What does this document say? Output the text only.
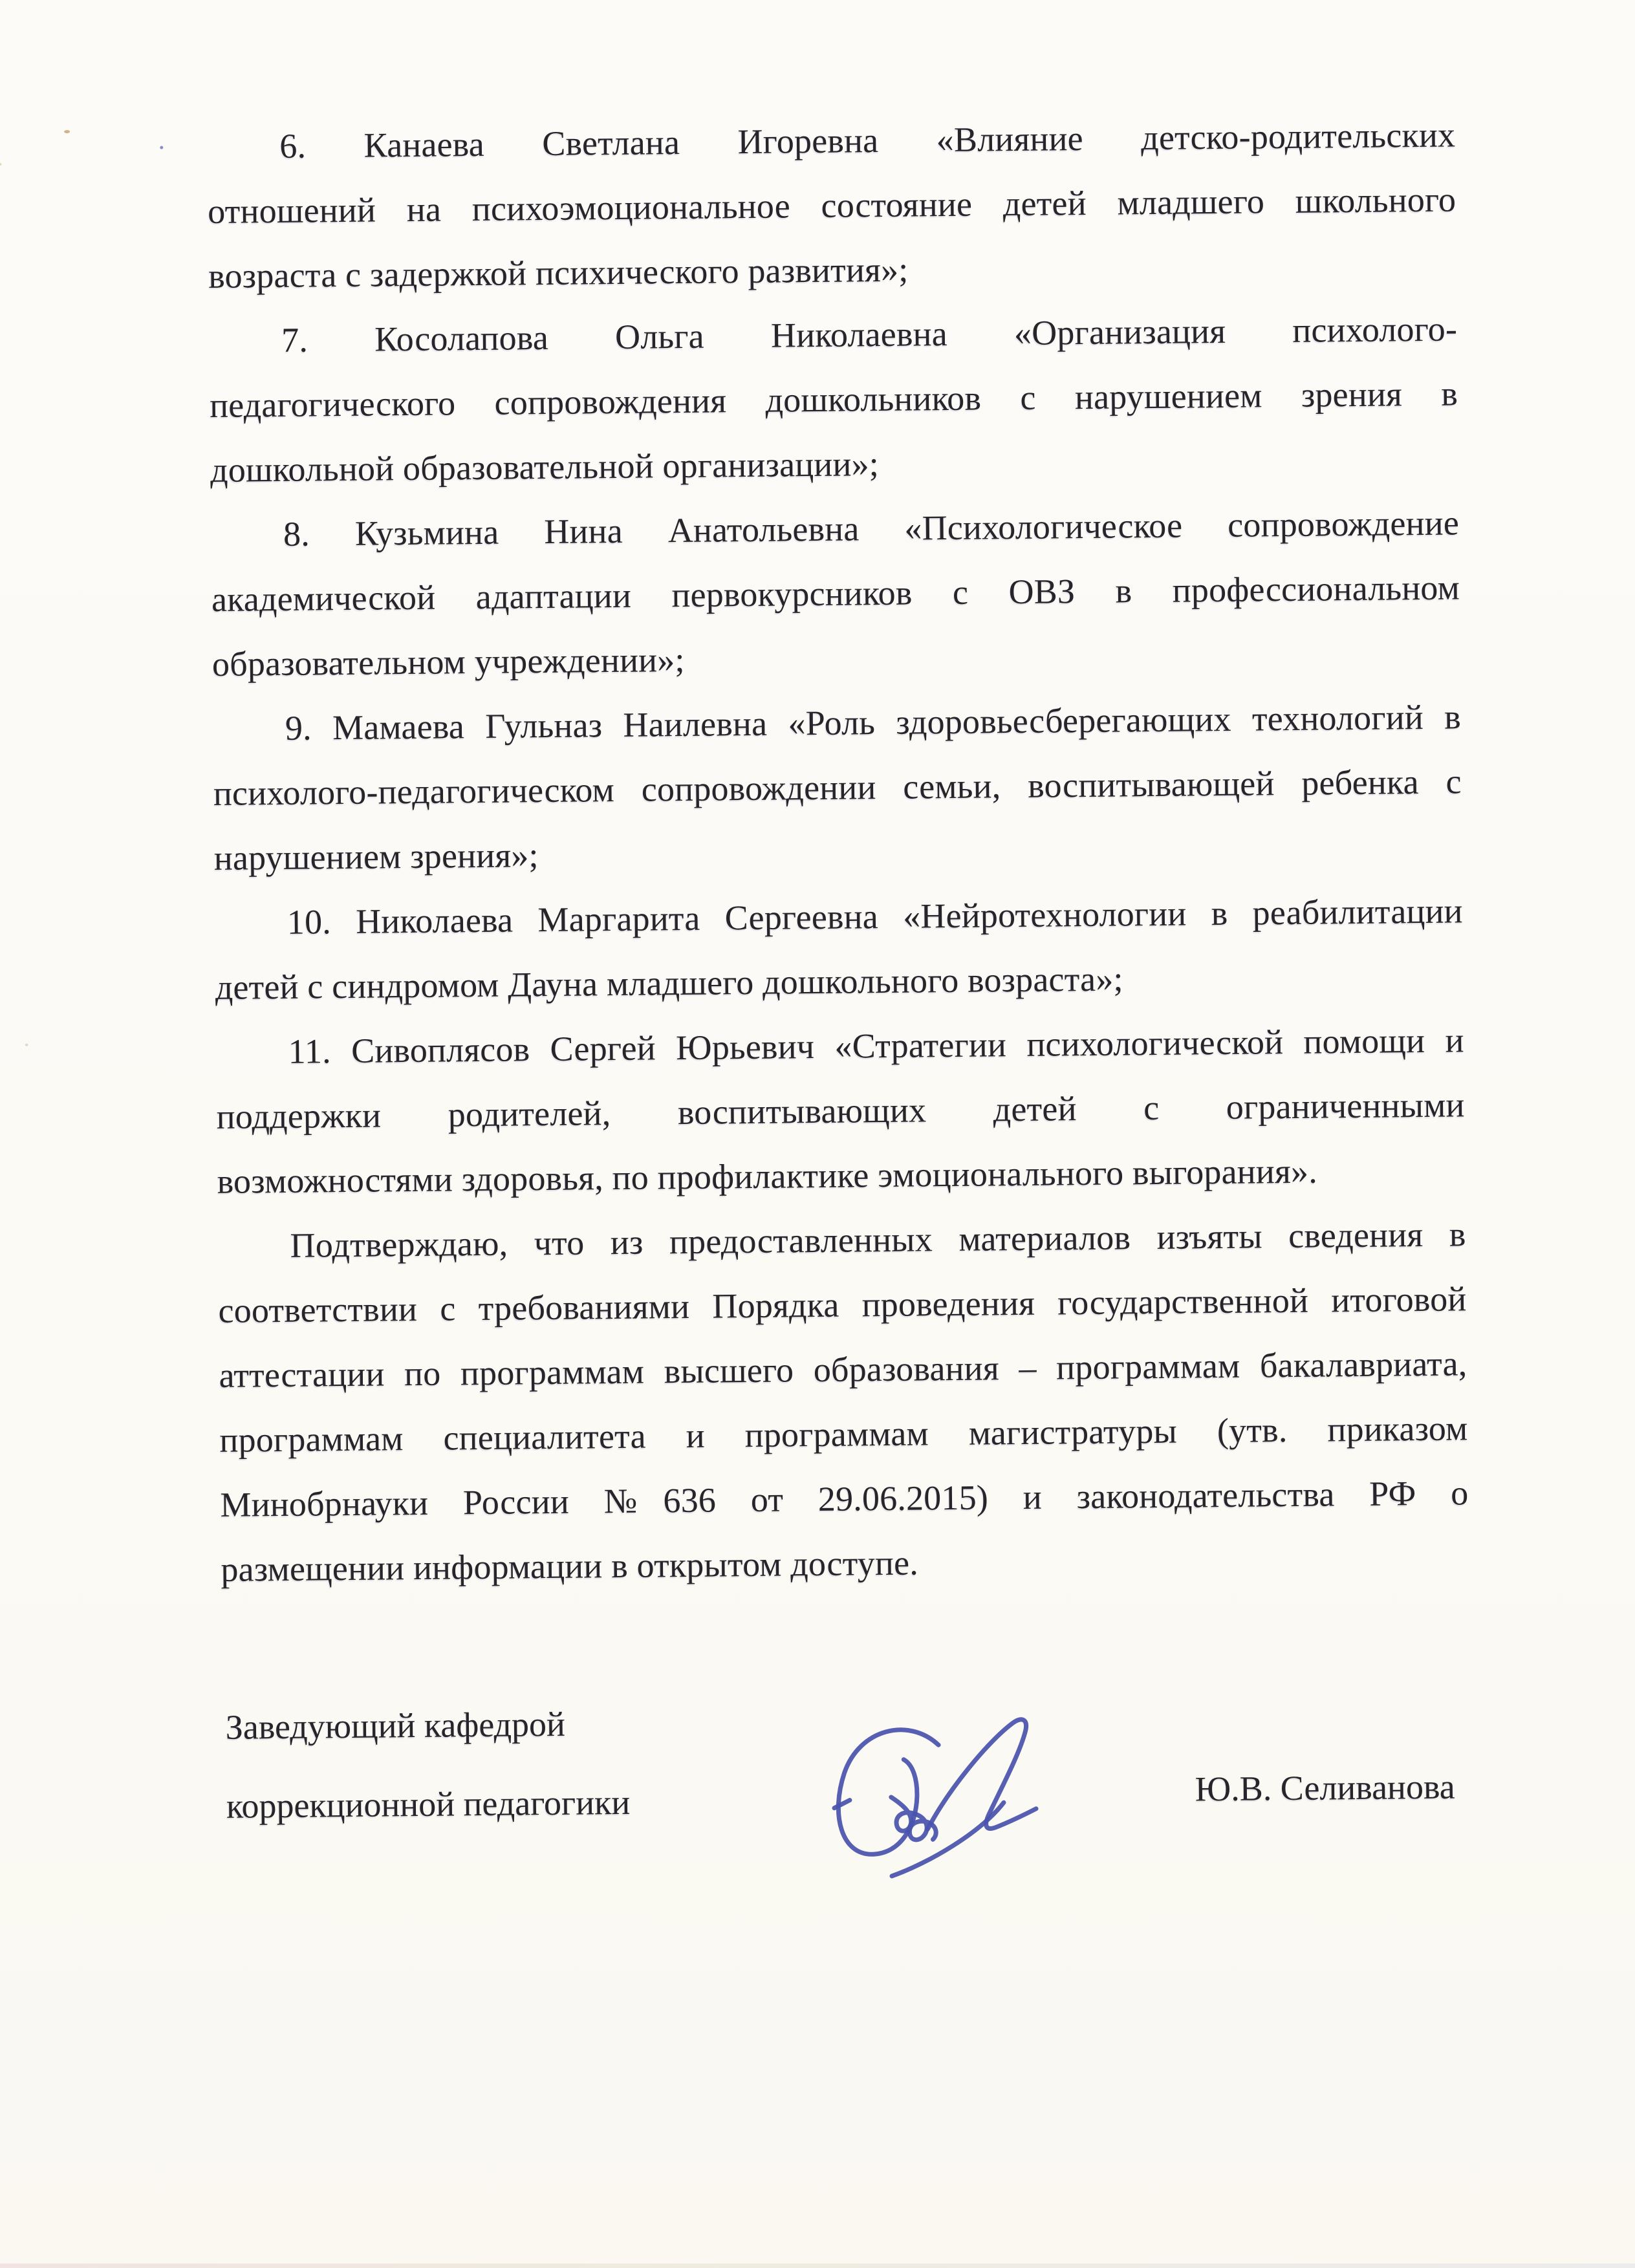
6. Канаева Светлана Игоревна «Влияние детско-родительских
отношений на психоэмоциональное состояние детей младшего школьного
возраста с задержкой психического развития»;
7. Косолапова Ольга Николаевна «Организация психолого-
педагогического сопровождения дошкольников с нарушением зрения в
дошкольной образовательной организации»;
8. Кузьмина Нина Анатольевна «Психологическое сопровождение
академической адаптации первокурсников с ОВЗ в профессиональном
образовательном учреждении»;
9. Мамаева Гульназ Наилевна «Роль здоровьесберегающих технологий в
психолого-педагогическом сопровождении семьи, воспитывающей ребенка с
нарушением зрения»;
10. Николаева Маргарита Сергеевна «Нейротехнологии в реабилитации
детей с синдромом Дауна младшего дошкольного возраста»;
11. Сивоплясов Сергей Юрьевич «Стратегии психологической помощи и
поддержки родителей, воспитывающих детей с ограниченными
возможностями здоровья, по профилактике эмоционального выгорания».
Подтверждаю, что из предоставленных материалов изъяты сведения в
соответствии с требованиями Порядка проведения государственной итоговой
аттестации по программам высшего образования – программам бакалавриата,
программам специалитета и программам магистратуры (утв. приказом
Минобрнауки России №636 от 29.06.2015) и законодательства РФ о
размещении информации в открытом доступе.
Заведующий кафедрой
коррекционной педагогики	Ю.В. Селиванова
